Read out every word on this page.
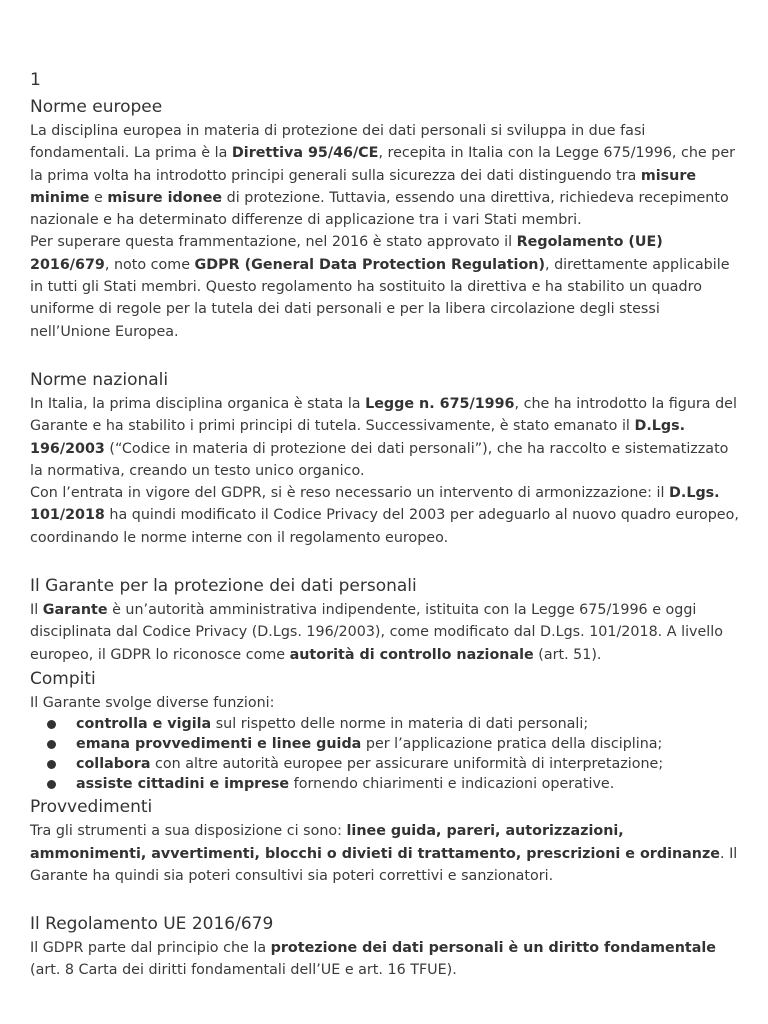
1
Norme europee

La disciplina europea in materia di protezione dei dati personali si sviluppa in due fasi fondamentali. La prima è la Direttiva 95/46/CE, recepita in Italia con la Legge 675/1996, che per la prima volta ha introdotto principi generali sulla sicurezza dei dati distinguendo tra misure minime e misure idonee di protezione. Tuttavia, essendo una direttiva, richiedeva recepimento nazionale e ha determinato differenze di applicazione tra i vari Stati membri.

Per superare questa frammentazione, nel 2016 è stato approvato il Regolamento (UE) 2016/679, noto come GDPR (General Data Protection Regulation), direttamente applicabile in tutti gli Stati membri. Questo regolamento ha sostituito la direttiva e ha stabilito un quadro uniforme di regole per la tutela dei dati personali e per la libera circolazione degli stessi nell’Unione Europea.

Norme nazionali

In Italia, la prima disciplina organica è stata la Legge n. 675/1996, che ha introdotto la figura del Garante e ha stabilito i primi principi di tutela. Successivamente, è stato emanato il D.Lgs. 196/2003 (“Codice in materia di protezione dei dati personali”), che ha raccolto e sistematizzato la normativa, creando un testo unico organico.

Con l’entrata in vigore del GDPR, si è reso necessario un intervento di armonizzazione: il D.Lgs. 101/2018 ha quindi modificato il Codice Privacy del 2003 per adeguarlo al nuovo quadro europeo, coordinando le norme interne con il regolamento europeo.

Il Garante per la protezione dei dati personali

Il Garante è un’autorità amministrativa indipendente, istituita con la Legge 675/1996 e oggi disciplinata dal Codice Privacy (D.Lgs. 196/2003), come modificato dal D.Lgs. 101/2018. A livello europeo, il GDPR lo riconosce come autorità di controllo nazionale (art. 51).

Compiti

Il Garante svolge diverse funzioni:

controlla e vigila sul rispetto delle norme in materia di dati personali;
emana provvedimenti e linee guida per l’applicazione pratica della disciplina;
collabora con altre autorità europee per assicurare uniformità di interpretazione;
assiste cittadini e imprese fornendo chiarimenti e indicazioni operative.
Provvedimenti

Tra gli strumenti a sua disposizione ci sono: linee guida, pareri, autorizzazioni, ammonimenti, avvertimenti, blocchi o divieti di trattamento, prescrizioni e ordinanze. Il Garante ha quindi sia poteri consultivi sia poteri correttivi e sanzionatori.

Il Regolamento UE 2016/679

Il GDPR parte dal principio che la protezione dei dati personali è un diritto fondamentale (art. 8 Carta dei diritti fondamentali dell’UE e art. 16 TFUE).
